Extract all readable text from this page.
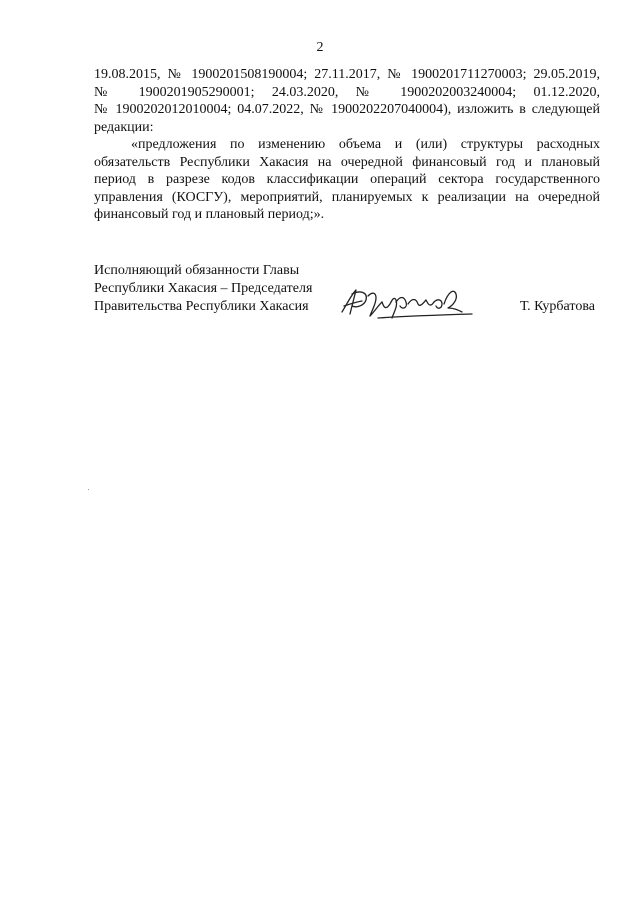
2
19.08.2015, № 1900201508190004; 27.11.2017, № 1900201711270003; 29.05.2019,
№ 1900201905290001; 24.03.2020, № 1900202003240004; 01.12.2020,
№ 1900202012010004; 04.07.2022, № 1900202207040004), изложить в следующей
редакции:
«предложения по изменению объема и (или) структуры расходных
обязательств Республики Хакасия на очередной финансовый год и плановый
период в разрезе кодов классификации операций сектора государственного
управления (КОСГУ), мероприятий, планируемых к реализации на очередной
финансовый год и плановый период;».
Исполняющий обязанности Главы
Республики Хакасия – Председателя
Правительства Республики Хакасия	Т. Курбатова
